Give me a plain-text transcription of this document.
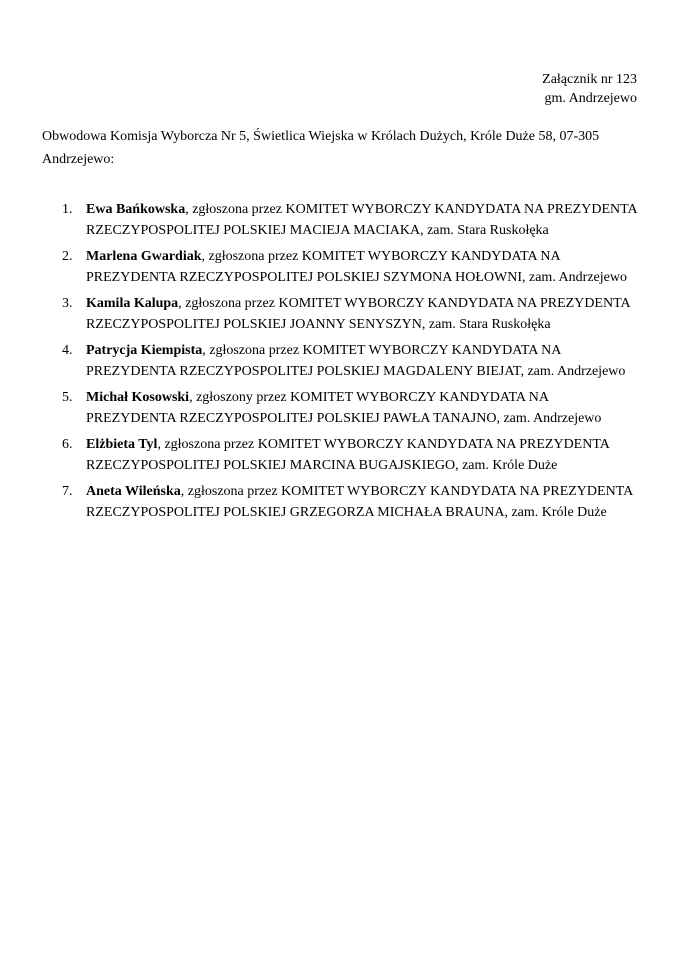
Załącznik nr 123
gm. Andrzejewo
Obwodowa Komisja Wyborcza Nr 5, Świetlica Wiejska w Królach Dużych, Króle Duże 58, 07-305
Andrzejewo:
1. Ewa Bańkowska, zgłoszona przez KOMITET WYBORCZY KANDYDATA NA PREZYDENTA
RZECZYPOSPOLITEJ POLSKIEJ MACIEJA MACIAKA, zam. Stara Ruskołęka
2. Marlena Gwardiak, zgłoszona przez KOMITET WYBORCZY KANDYDATA NA
PREZYDENTA RZECZYPOSPOLITEJ POLSKIEJ SZYMONA HOŁOWNI, zam. Andrzejewo
3. Kamila Kalupa, zgłoszona przez KOMITET WYBORCZY KANDYDATA NA PREZYDENTA
RZECZYPOSPOLITEJ POLSKIEJ JOANNY SENYSZYN, zam. Stara Ruskołęka
4. Patrycja Kiempista, zgłoszona przez KOMITET WYBORCZY KANDYDATA NA
PREZYDENTA RZECZYPOSPOLITEJ POLSKIEJ MAGDALENY BIEJAT, zam. Andrzejewo
5. Michał Kosowski, zgłoszony przez KOMITET WYBORCZY KANDYDATA NA
PREZYDENTA RZECZYPOSPOLITEJ POLSKIEJ PAWŁA TANAJNO, zam. Andrzejewo
6. Elżbieta Tyl, zgłoszona przez KOMITET WYBORCZY KANDYDATA NA PREZYDENTA
RZECZYPOSPOLITEJ POLSKIEJ MARCINA BUGAJSKIEGO, zam. Króle Duże
7. Aneta Wileńska, zgłoszona przez KOMITET WYBORCZY KANDYDATA NA PREZYDENTA
RZECZYPOSPOLITEJ POLSKIEJ GRZEGORZA MICHAŁA BRAUNA, zam. Króle Duże
